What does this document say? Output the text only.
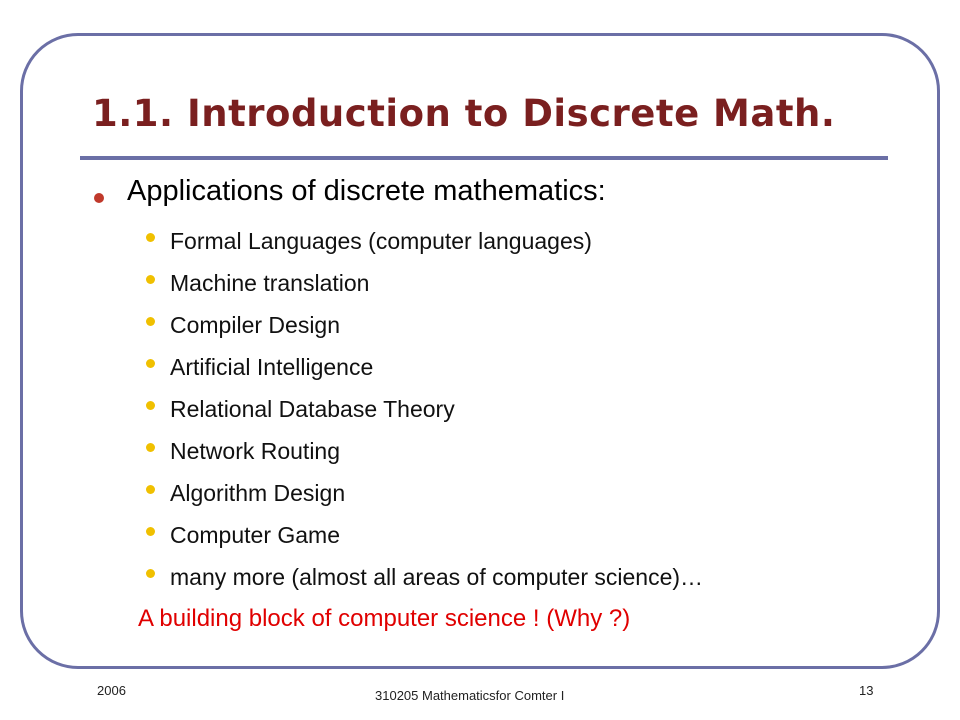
1.1. Introduction to Discrete Math.
Applications of discrete mathematics:
Formal Languages (computer languages)
Machine translation
Compiler Design
Artificial Intelligence
Relational Database Theory
Network Routing
Algorithm Design
Computer Game
many more (almost all areas of computer science)…
A building block of computer science ! (Why ?)
2006	310205 Mathematicsfor Comter I	13
